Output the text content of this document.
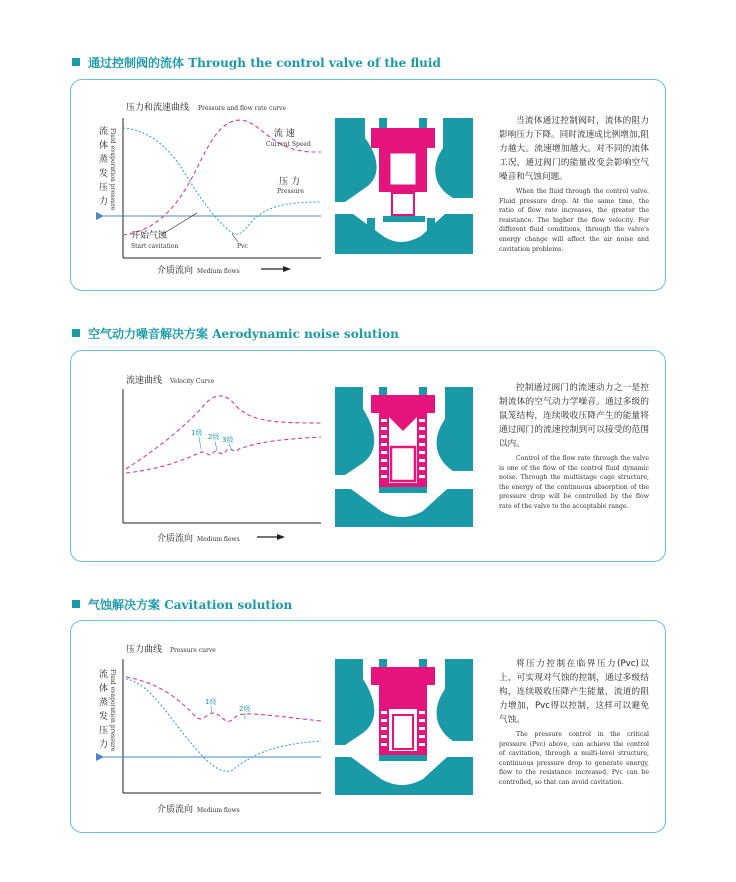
通过控制阀的流体 Through the control valve of the fluid
压力和流速曲线 Pressure and flow rate curve
流体蒸发压力 Fluid evaporation pressure	流 速
Current Speed
压 力
Pressure
开始气蚀
Start cavitation	Pvc
介质流向 Medium flows

当流体通过控制阀时，流体的阻力影响压力下降。同时流速成比例增加,阻力越大。流速增加越大。对不同的流体工况，通过阀门的能量改变会影响空气噪音和气蚀问题。

When the fluid through the control valve. Fluid pressure drop. At the same time, the ratio of flow rate increases, the greater the resistance. The higher the flow velocity. For different fluid conditions, through the valve's energy change will affect the air noise and cavitation problems.

空气动力噪音解决方案 Aerodynamic noise solution
流速曲线 Velocity Curve
1级 2级 3级
介质流向 Medium flows

控制通过阀门的流速动力之一是控制流体的空气动力学噪音。通过多级的鼠笼结构，连续吸收压降产生的能量将通过阀门的流速控制到可以接受的范围以内。

Control of the flow rate through the valve is one of the flow of the control fluid dynamic noise. Through the multistage cage structure, the energy of the continuous absorption of the pressure drop will be controlled by the flow rate of the valve to the acceptable range.

气蚀解决方案 Cavitation solution
压力曲线 Pressure curve
流体蒸发压力 Fluid evaporation pressure	1级
2级
介质流向 Medium flows

将压力控制在临界压力(Pvc)以上，可实现对气蚀的控制，通过多级结构，连续吸收压降产生能量，流道的阻力增加，Pvc得以控制，这样可以避免气蚀。

The pressure control in the critical pressure (Pvc) above, can achieve the control of cavitation, through a multi-level structure, continuous pressure drop to generate energy, flow to the resistance increased, Pvc can be controlled, so that can avoid cavitation.
